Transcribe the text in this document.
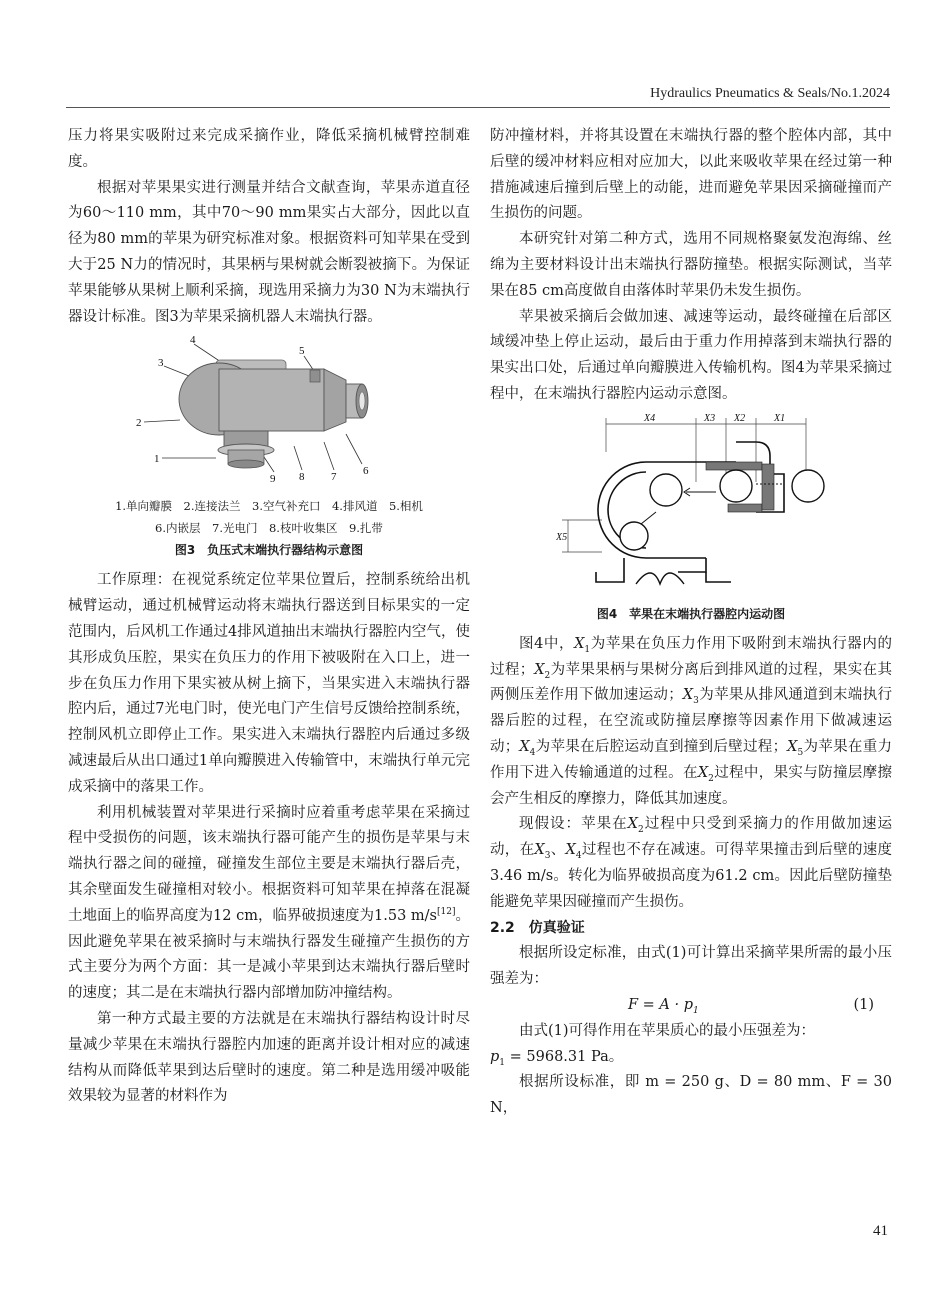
Hydraulics Pneumatics & Seals/No.1.2024

压力将果实吸附过来完成采摘作业，降低采摘机械臂控制难度。

根据对苹果果实进行测量并结合文献查询，苹果赤道直径为60～110 mm，其中70～90 mm果实占大部分，因此以直径为80 mm的苹果为研究标准对象。根据资料可知苹果在受到大于25 N力的情况时，其果柄与果树就会断裂被摘下。为保证苹果能够从果树上顺利采摘，现选用采摘力为30 N为末端执行器设计标准。图3为苹果采摘机器人末端执行器。

4
3
2
1
5
6
7
8
9
1.单向瓣膜　2.连接法兰　3.空气补充口　4.排风道　5.相机
6.内嵌层　7.光电门　8.枝叶收集区　9.扎带
图3　负压式末端执行器结构示意图

工作原理：在视觉系统定位苹果位置后，控制系统给出机械臂运动，通过机械臂运动将末端执行器送到目标果实的一定范围内，后风机工作通过4排风道抽出末端执行器腔内空气，使其形成负压腔，果实在负压力的作用下被吸附在入口上，进一步在负压力作用下果实被从树上摘下，当果实进入末端执行器腔内后，通过7光电门时，使光电门产生信号反馈给控制系统，控制风机立即停止工作。果实进入末端执行器腔内后通过多级减速最后从出口通过1单向瓣膜进入传输管中，末端执行单元完成采摘中的落果工作。

利用机械装置对苹果进行采摘时应着重考虑苹果在采摘过程中受损伤的问题，该末端执行器可能产生的损伤是苹果与末端执行器之间的碰撞，碰撞发生部位主要是末端执行器后壳，其余壁面发生碰撞相对较小。根据资料可知苹果在掉落在混凝土地面上的临界高度为12 cm，临界破损速度为1.53 m/s[12]。因此避免苹果在被采摘时与末端执行器发生碰撞产生损伤的方式主要分为两个方面：其一是减小苹果到达末端执行器后壁时的速度；其二是在末端执行器内部增加防冲撞结构。

第一种方式最主要的方法就是在末端执行器结构设计时尽量减少苹果在末端执行器腔内加速的距离并设计相对应的减速结构从而降低苹果到达后壁时的速度。第二种是选用缓冲吸能效果较为显著的材料作为

防冲撞材料，并将其设置在末端执行器的整个腔体内部，其中后壁的缓冲材料应相对应加大，以此来吸收苹果在经过第一种措施减速后撞到后壁上的动能，进而避免苹果因采摘碰撞而产生损伤的问题。

本研究针对第二种方式，选用不同规格聚氨发泡海绵、丝绵为主要材料设计出末端执行器防撞垫。根据实际测试，当苹果在85 cm高度做自由落体时苹果仍未发生损伤。

苹果被采摘后会做加速、减速等运动，最终碰撞在后部区域缓冲垫上停止运动，最后由于重力作用掉落到末端执行器的果实出口处，后通过单向瓣膜进入传输机构。图4为苹果采摘过程中，在末端执行器腔内运动示意图。

X4	X3 X2	X1
X5
图4　苹果在末端执行器腔内运动图

图4中，$X_1$为苹果在负压力作用下吸附到末端执行器内的过程；$X_2$为苹果果柄与果树分离后到排风道的过程，果实在其两侧压差作用下做加速运动；$X_3$为苹果从排风通道到末端执行器后腔的过程，在空流或防撞层摩擦等因素作用下做减速运动；$X_4$为苹果在后腔运动直到撞到后壁过程；$X_5$为苹果在重力作用下进入传输通道的过程。在$X_2$过程中，果实与防撞层摩擦会产生相反的摩擦力，降低其加速度。

现假设：苹果在$X_2$过程中只受到采摘力的作用做加速运动，在$X_3$、$X_4$过程也不存在减速。可得苹果撞击到后壁的速度3.46 m/s。转化为临界破损高度为61.2 cm。因此后壁防撞垫能避免苹果因碰撞而产生损伤。

2.2　仿真验证

根据所设定标准，由式(1)可计算出采摘苹果所需的最小压强差为：

$F = A \cdot p_1$	(1)

由式(1)可得作用在苹果质心的最小压强差为：

$p_1 = 5968.31$ Pa。

根据所设标准，即 m = 250 g、D = 80 mm、F = 30 N，

41
